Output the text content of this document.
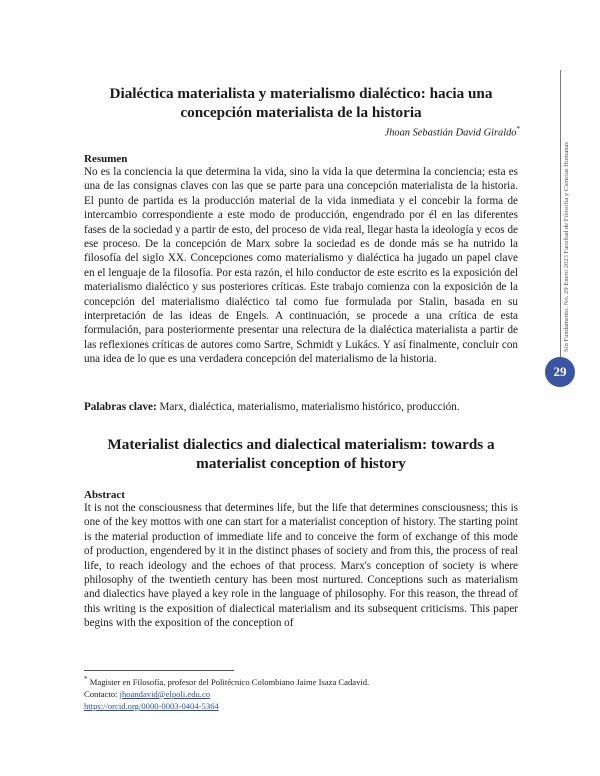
Dialéctica materialista y materialismo dialéctico: hacia una concepción materialista de la historia

Jhoan Sebastián David Giraldo*

Resumen

No es la conciencia la que determina la vida, sino la vida la que determina la conciencia; esta es una de las consignas claves con las que se parte para una concepción materialista de la historia. El punto de partida es la producción material de la vida inmediata y el concebir la forma de intercambio correspondiente a este modo de producción, engendrado por él en las diferentes fases de la sociedad y a partir de esto, del proceso de vida real, llegar hasta la ideología y ecos de ese proceso. De la concepción de Marx sobre la sociedad es de donde más se ha nutrido la filosofía del siglo XX. Concepciones como materialismo y dialéctica ha jugado un papel clave en el lenguaje de la filosofía. Por esta razón, el hilo conductor de este escrito es la exposición del materialismo dialéctico y sus posteriores críticas. Este trabajo comienza con la exposición de la concepción del materialismo dialéctico tal como fue formulada por Stalin, basada en su interpretación de las ideas de Engels. A continuación, se procede a una crítica de esta formulación, para posteriormente presentar una relectura de la dialéctica materialista a partir de las reflexiones críticas de autores como Sartre, Schmidt y Lukács. Y así finalmente, concluir con una idea de lo que es una verdadera concepción del materialismo de la historia.

Palabras clave: Marx, dialéctica, materialismo, materialismo histórico, producción.

Materialist dialectics and dialectical materialism: towards a materialist conception of history

Abstract

It is not the consciousness that determines life, but the life that determines consciousness; this is one of the key mottos with one can start for a materialist conception of history. The starting point is the material production of immediate life and to conceive the form of exchange of this mode of production, engendered by it in the distinct phases of society and from this, the process of real life, to reach ideology and the echoes of that process. Marx's conception of society is where philosophy of the twentieth century has been most nurtured. Conceptions such as materialism and dialectics have played a key role in the language of philosophy. For this reason, the thread of this writing is the exposition of dialectical materialism and its subsequent criticisms. This paper begins with the exposition of the conception of

* Magister en Filosofía, profesor del Politécnico Colombiano Jaime Isaza Cadavid.
Contacto: jhoandavid@elpoli.edu.co
https://orcid.org/0000-0003-0404-5364
Sin Fundamento. No. 29 Enero 2023 Facultad de Filosofía y Ciencias Humanas
29
